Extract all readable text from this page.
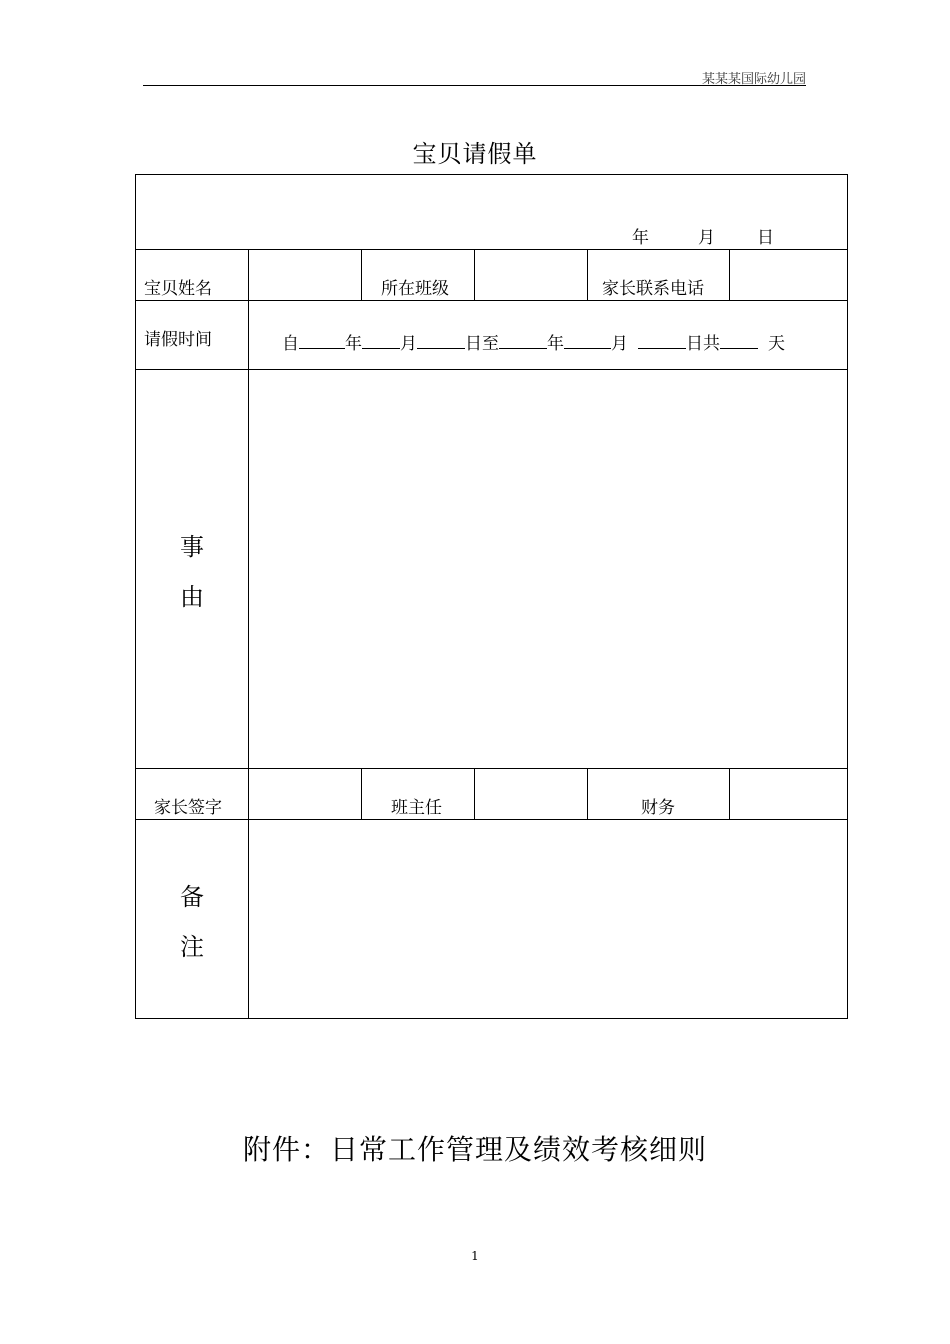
某某某国际幼儿园
宝贝请假单
年	月 日
宝贝姓名	所在班级	家长联系电话
请假时间	自	年 月	日至	年	月	日共	天
事
由
家长签字	班主任	财务
备
注
附件：日常工作管理及绩效考核细则
1
